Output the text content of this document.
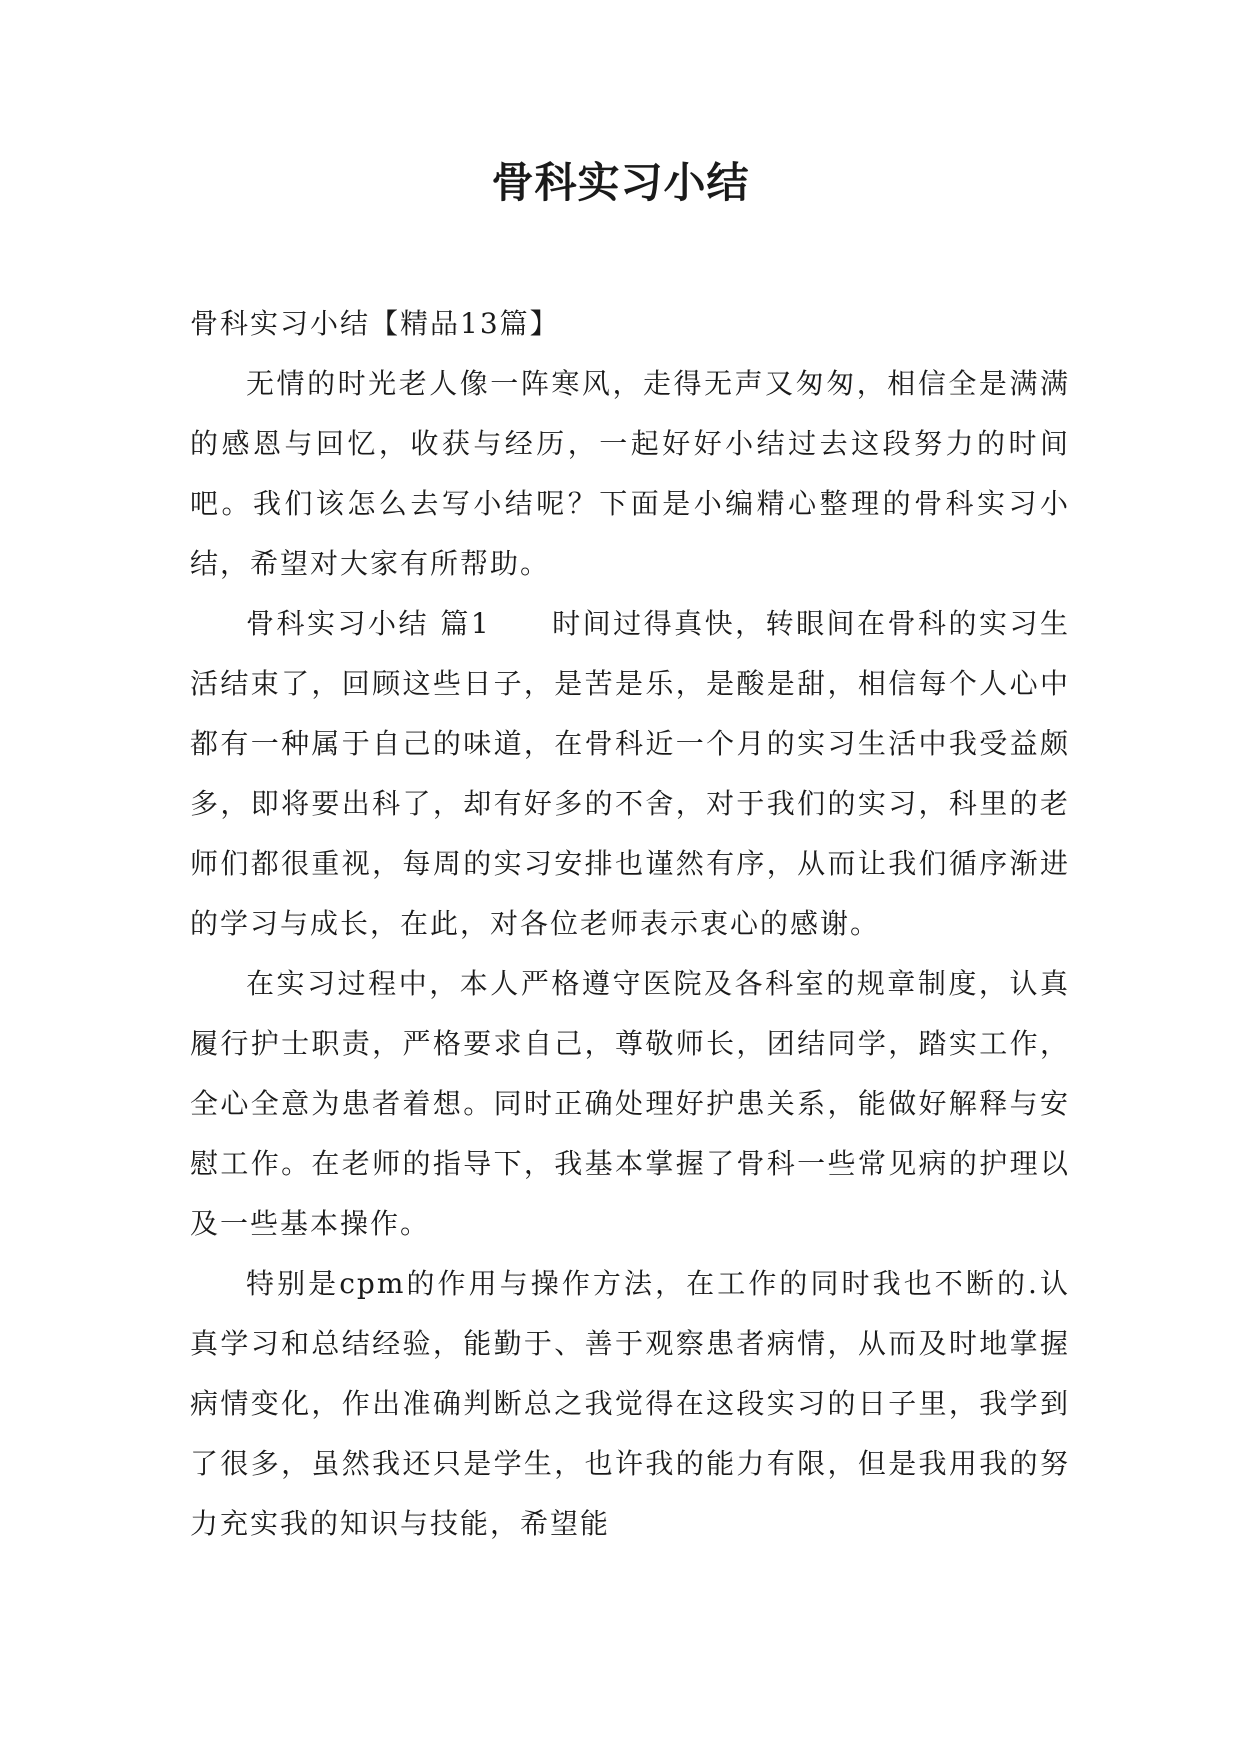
骨科实习小结

骨科实习小结【精品13篇】

无情的时光老人像一阵寒风，走得无声又匆匆，相信全是满满的感恩与回忆，收获与经历，一起好好小结过去这段努力的时间吧。我们该怎么去写小结呢？下面是小编精心整理的骨科实习小结，希望对大家有所帮助。

骨科实习小结 篇1　　时间过得真快，转眼间在骨科的实习生活结束了，回顾这些日子，是苦是乐，是酸是甜，相信每个人心中都有一种属于自己的味道，在骨科近一个月的实习生活中我受益颇多，即将要出科了，却有好多的不舍，对于我们的实习，科里的老师们都很重视，每周的实习安排也谨然有序，从而让我们循序渐进的学习与成长，在此，对各位老师表示衷心的感谢。

在实习过程中，本人严格遵守医院及各科室的规章制度，认真履行护士职责，严格要求自己，尊敬师长，团结同学，踏实工作，全心全意为患者着想。同时正确处理好护患关系，能做好解释与安慰工作。在老师的指导下，我基本掌握了骨科一些常见病的护理以及一些基本操作。

特别是cpm的作用与操作方法，在工作的同时我也不断的.认真学习和总结经验，能勤于、善于观察患者病情，从而及时地掌握病情变化，作出准确判断总之我觉得在这段实习的日子里，我学到了很多，虽然我还只是学生，也许我的能力有限，但是我用我的努力充实我的知识与技能，希望能
